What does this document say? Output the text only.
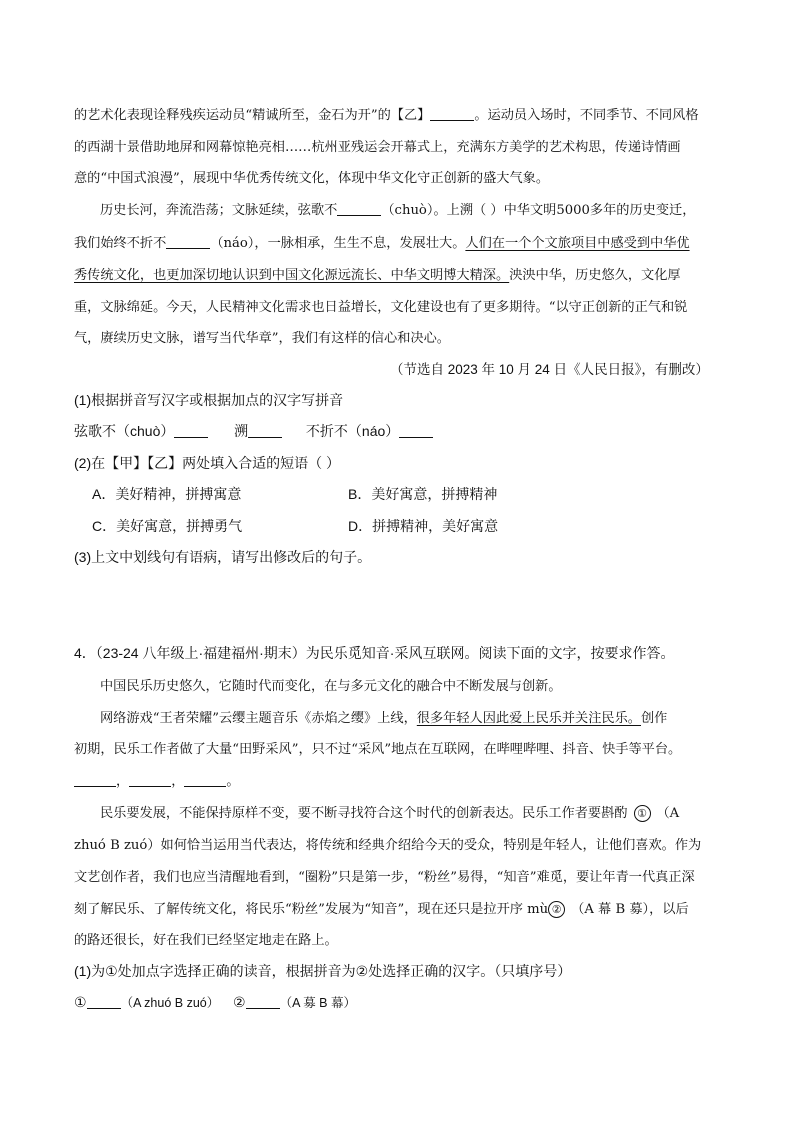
的艺术化表现诠释残疾运动员“精诚所至，金石为开”的【乙】	。运动员入场时，不同季节、不同风格
的西湖十景借助地屏和网幕惊艳亮相……杭州亚残运会开幕式上，充满东方美学的艺术构思，传递诗情画
意的“中国式浪漫”，展现中华优秀传统文化，体现中华文化守正创新的盛大气象。
历史长河，奔流浩荡；文脉延续，弦歌不	（chuò）。上溯（ ）中华文明5000多年的历史变迁，
我们始终不折不	（náo），一脉相承，生生不息，发展壮大。人们在一个个文旅项目中感受到中华优
秀传统文化，也更加深切地认识到中国文化源远流长、中华文明博大精深。泱泱中华，历史悠久，文化厚
重，文脉绵延。今天，人民精神文化需求也日益增长，文化建设也有了更多期待。“以守正创新的正气和锐
气，赓续历史文脉，谱写当代华章”，我们有这样的信心和决心。
（节选自 2023 年 10 月 24 日《人民日报》，有删改）
(1)根据拼音写汉字或根据加点的汉字写拼音
弦歌不（chuò）	溯	不折不（náo）
(2)在【甲】【乙】两处填入合适的短语（ ）
A．美好精神，拼搏寓意	B．美好寓意，拼搏精神
C．美好寓意，拼搏勇气	D．拼搏精神，美好寓意
(3)上文中划线句有语病，请写出修改后的句子。
4．（23-24 八年级上·福建福州·期末）为民乐觅知音·采风互联网。阅读下面的文字，按要求作答。
中国民乐历史悠久，它随时代而变化，在与多元文化的融合中不断发展与创新。
网络游戏“王者荣耀”云缨主题音乐《赤焰之缨》上线，很多年轻人因此爱上民乐并关注民乐。创作
初期，民乐工作者做了大量“田野采风”，只不过“采风”地点在互联网，在哔哩哔哩、抖音、快手等平台。
，	，	。
民乐要发展，不能保持原样不变，要不断寻找符合这个时代的创新表达。民乐工作者要斟酌 ① （A
zhuó B zuó）如何恰当运用当代表达，将传统和经典介绍给今天的受众，特别是年轻人，让他们喜欢。作为
文艺创作者，我们也应当清醒地看到，“圈粉”只是第一步，“粉丝”易得，“知音”难觅，要让年青一代真正深
刻了解民乐、了解传统文化，将民乐“粉丝”发展为“知音”，现在还只是拉开序 mù ② （A 幕 B 募），以后
的路还很长，好在我们已经坚定地走在路上。
(1)为①处加点字选择正确的读音，根据拼音为②处选择正确的汉字。（只填序号）
①	（A zhuó B zuó） ②	（A 募 B 幕）
